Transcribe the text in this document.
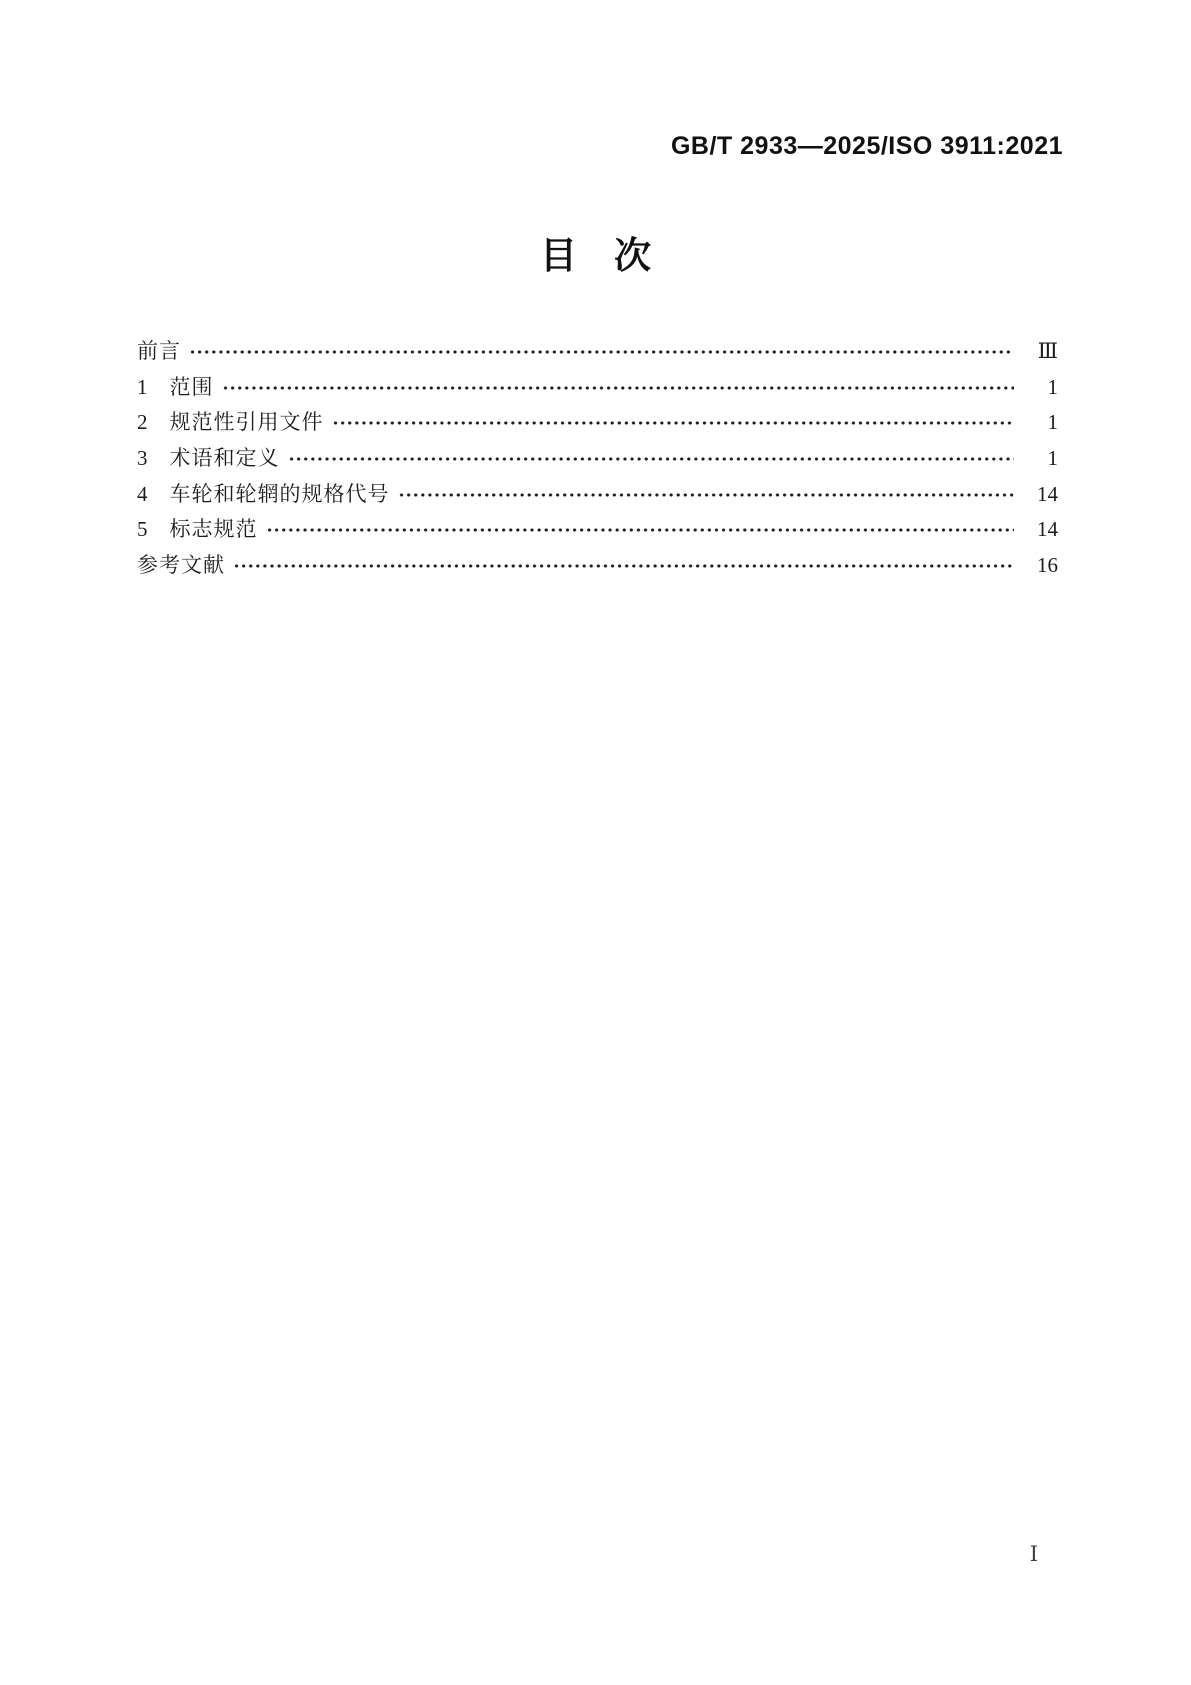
GB/T 2933—2025/ISO 3911:2021
目　次
前言	Ⅲ
1 范围	1
2 规范性引用文件	1
3 术语和定义	1
4 车轮和轮辋的规格代号	14
5 标志规范	14
参考文献	16
Ⅰ
